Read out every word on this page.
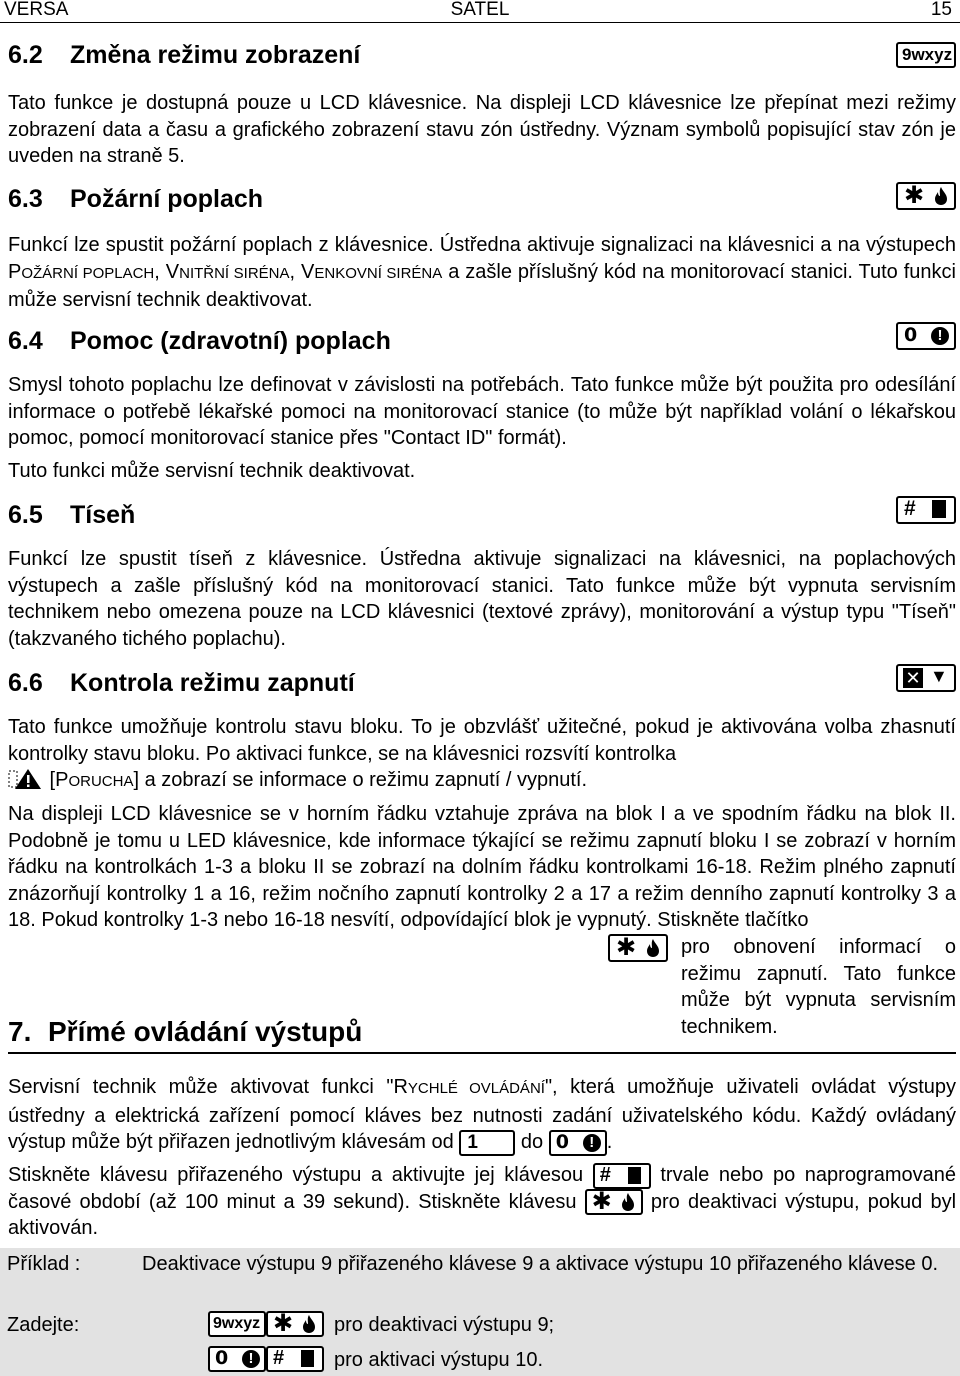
VERSA	SATEL	15
6.2 Změna režimu zobrazení	9wxyz
Tato funkce je dostupná pouze u LCD klávesnice. Na displeji LCD klávesnice lze přepínat mezi režimy zobrazení data a času a grafického zobrazení stavu zón ústředny. Význam symbolů popisující stav zón je uveden na straně 5.
6.3 Požární poplach	✱
Funkcí lze spustit požární poplach z klávesnice. Ústředna aktivuje signalizaci na klávesnici a na výstupech POŽÁRNÍ POPLACH, VNITŘNÍ SIRÉNA, VENKOVNÍ SIRÉNA a zašle příslušný kód na monitorovací stanici. Tuto funkci může servisní technik deaktivovat.
6.4 Pomoc (zdravotní) poplach	0	!
Smysl tohoto poplachu lze definovat v závislosti na potřebách. Tato funkce může být použita pro odesílání informace o potřebě lékařské pomoci na monitorovací stanice (to může být například volání o lékařskou pomoc, pomocí monitorovací stanice přes "Contact ID" formát).
Tuto funkci může servisní technik deaktivovat.
6.5 Tíseň	#
Funkcí lze spustit tíseň z klávesnice. Ústředna aktivuje signalizaci na klávesnici, na poplachových výstupech a zašle příslušný kód na monitorovací stanici. Tato funkce může být vypnuta servisním technikem nebo omezena pouze na LCD klávesnici (textové zprávy), monitorování a výstup typu "Tíseň" (takzvaného tichého poplachu).
6.6 Kontrola režimu zapnutí	✕ ▼
Tato funkce umožňuje kontrolu stavu bloku. To je obzvlášť užitečné, pokud je aktivována volba zhasnutí kontrolky stavu bloku. Po aktivaci funkce, se na klávesnici rozsvítí kontrolka
[PORUCHA] a zobrazí se informace o režimu zapnutí / vypnutí.
Na displeji LCD klávesnice se v horním řádku vztahuje zpráva na blok I a ve spodním řádku na blok II. Podobně je tomu u LED klávesnice, kde informace týkající se režimu zapnutí bloku I se zobrazí v horním řádku na kontrolkách 1-3 a bloku II se zobrazí na dolním řádku kontrolkami 16-18. Režim plného zapnutí znázorňují kontrolky 1 a 16, režim nočního zapnutí kontrolky 2 a 17 a režim denního zapnutí kontrolky 3 a 18. Pokud kontrolky 1-3 nebo 16-18 nesvítí, odpovídající blok je vypnutý. Stiskněte tlačítko
✱ pro obnovení informací o režimu zapnutí. Tato funkce může být vypnuta servisním technikem.
7. Přímé ovládání výstupů
Servisní technik může aktivovat funkci "RYCHLÉ OVLÁDÁNÍ", která umožňuje uživateli ovládat výstupy ústředny a elektrická zařízení pomocí kláves bez nutnosti zadání uživatelského kódu. Každý ovládaný výstup může být přiřazen jednotlivým klávesám od 1 do 0	! .
Stiskněte klávesu přiřazeného výstupu a aktivujte jej klávesou # trvale nebo po naprogramované časové období (až 100 minut a 39 sekund). Stiskněte klávesu ✱ pro deaktivaci výstupu, pokud byl aktivován.
Příklad :	Deaktivace výstupu 9 přiřazeného klávese 9 a aktivace výstupu 10 přiřazeného klávese 0.
Zadejte:	9wxyz ✱ pro deaktivaci výstupu 9;
0	! # pro aktivaci výstupu 10.
